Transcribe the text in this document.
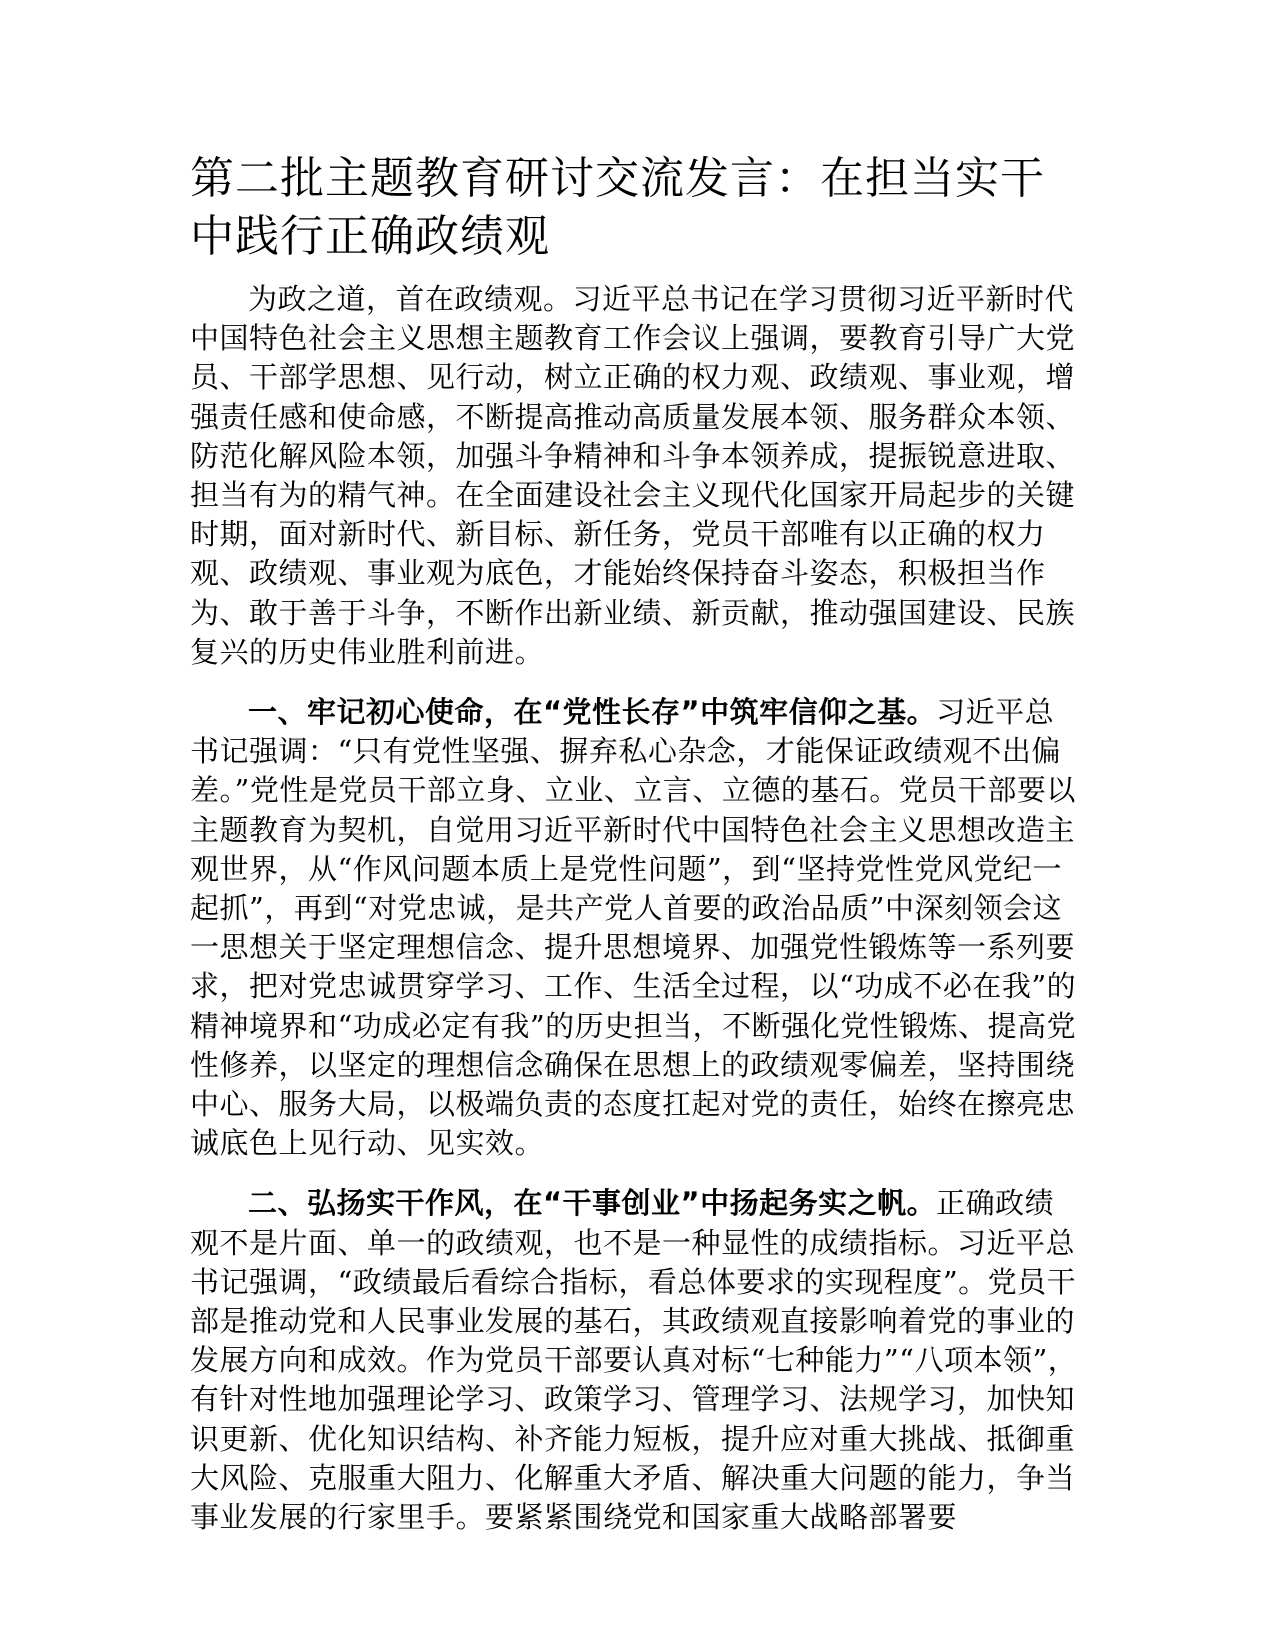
第二批主题教育研讨交流发言：在担当实干中践行正确政绩观

为政之道，首在政绩观。习近平总书记在学习贯彻习近平新时代中国特色社会主义思想主题教育工作会议上强调，要教育引导广大党员、干部学思想、见行动，树立正确的权力观、政绩观、事业观，增强责任感和使命感，不断提高推动高质量发展本领、服务群众本领、防范化解风险本领，加强斗争精神和斗争本领养成，提振锐意进取、担当有为的精气神。在全面建设社会主义现代化国家开局起步的关键时期，面对新时代、新目标、新任务，党员干部唯有以正确的权力观、政绩观、事业观为底色，才能始终保持奋斗姿态，积极担当作为、敢于善于斗争，不断作出新业绩、新贡献，推动强国建设、民族复兴的历史伟业胜利前进。

一、牢记初心使命，在“党性长存”中筑牢信仰之基。习近平总书记强调：“只有党性坚强、摒弃私心杂念，才能保证政绩观不出偏差。”党性是党员干部立身、立业、立言、立德的基石。党员干部要以主题教育为契机，自觉用习近平新时代中国特色社会主义思想改造主观世界，从“作风问题本质上是党性问题”，到“坚持党性党风党纪一起抓”，再到“对党忠诚，是共产党人首要的政治品质”中深刻领会这一思想关于坚定理想信念、提升思想境界、加强党性锻炼等一系列要求，把对党忠诚贯穿学习、工作、生活全过程，以“功成不必在我”的精神境界和“功成必定有我”的历史担当，不断强化党性锻炼、提高党性修养，以坚定的理想信念确保在思想上的政绩观零偏差，坚持围绕中心、服务大局，以极端负责的态度扛起对党的责任，始终在擦亮忠诚底色上见行动、见实效。

二、弘扬实干作风，在“干事创业”中扬起务实之帆。正确政绩观不是片面、单一的政绩观，也不是一种显性的成绩指标。习近平总书记强调，“政绩最后看综合指标，看总体要求的实现程度”。党员干部是推动党和人民事业发展的基石，其政绩观直接影响着党的事业的发展方向和成效。作为党员干部要认真对标“七种能力”“八项本领”，有针对性地加强理论学习、政策学习、管理学习、法规学习，加快知识更新、优化知识结构、补齐能力短板，提升应对重大挑战、抵御重大风险、克服重大阻力、化解重大矛盾、解决重大问题的能力，争当事业发展的行家里手。要紧紧围绕党和国家重大战略部署要
